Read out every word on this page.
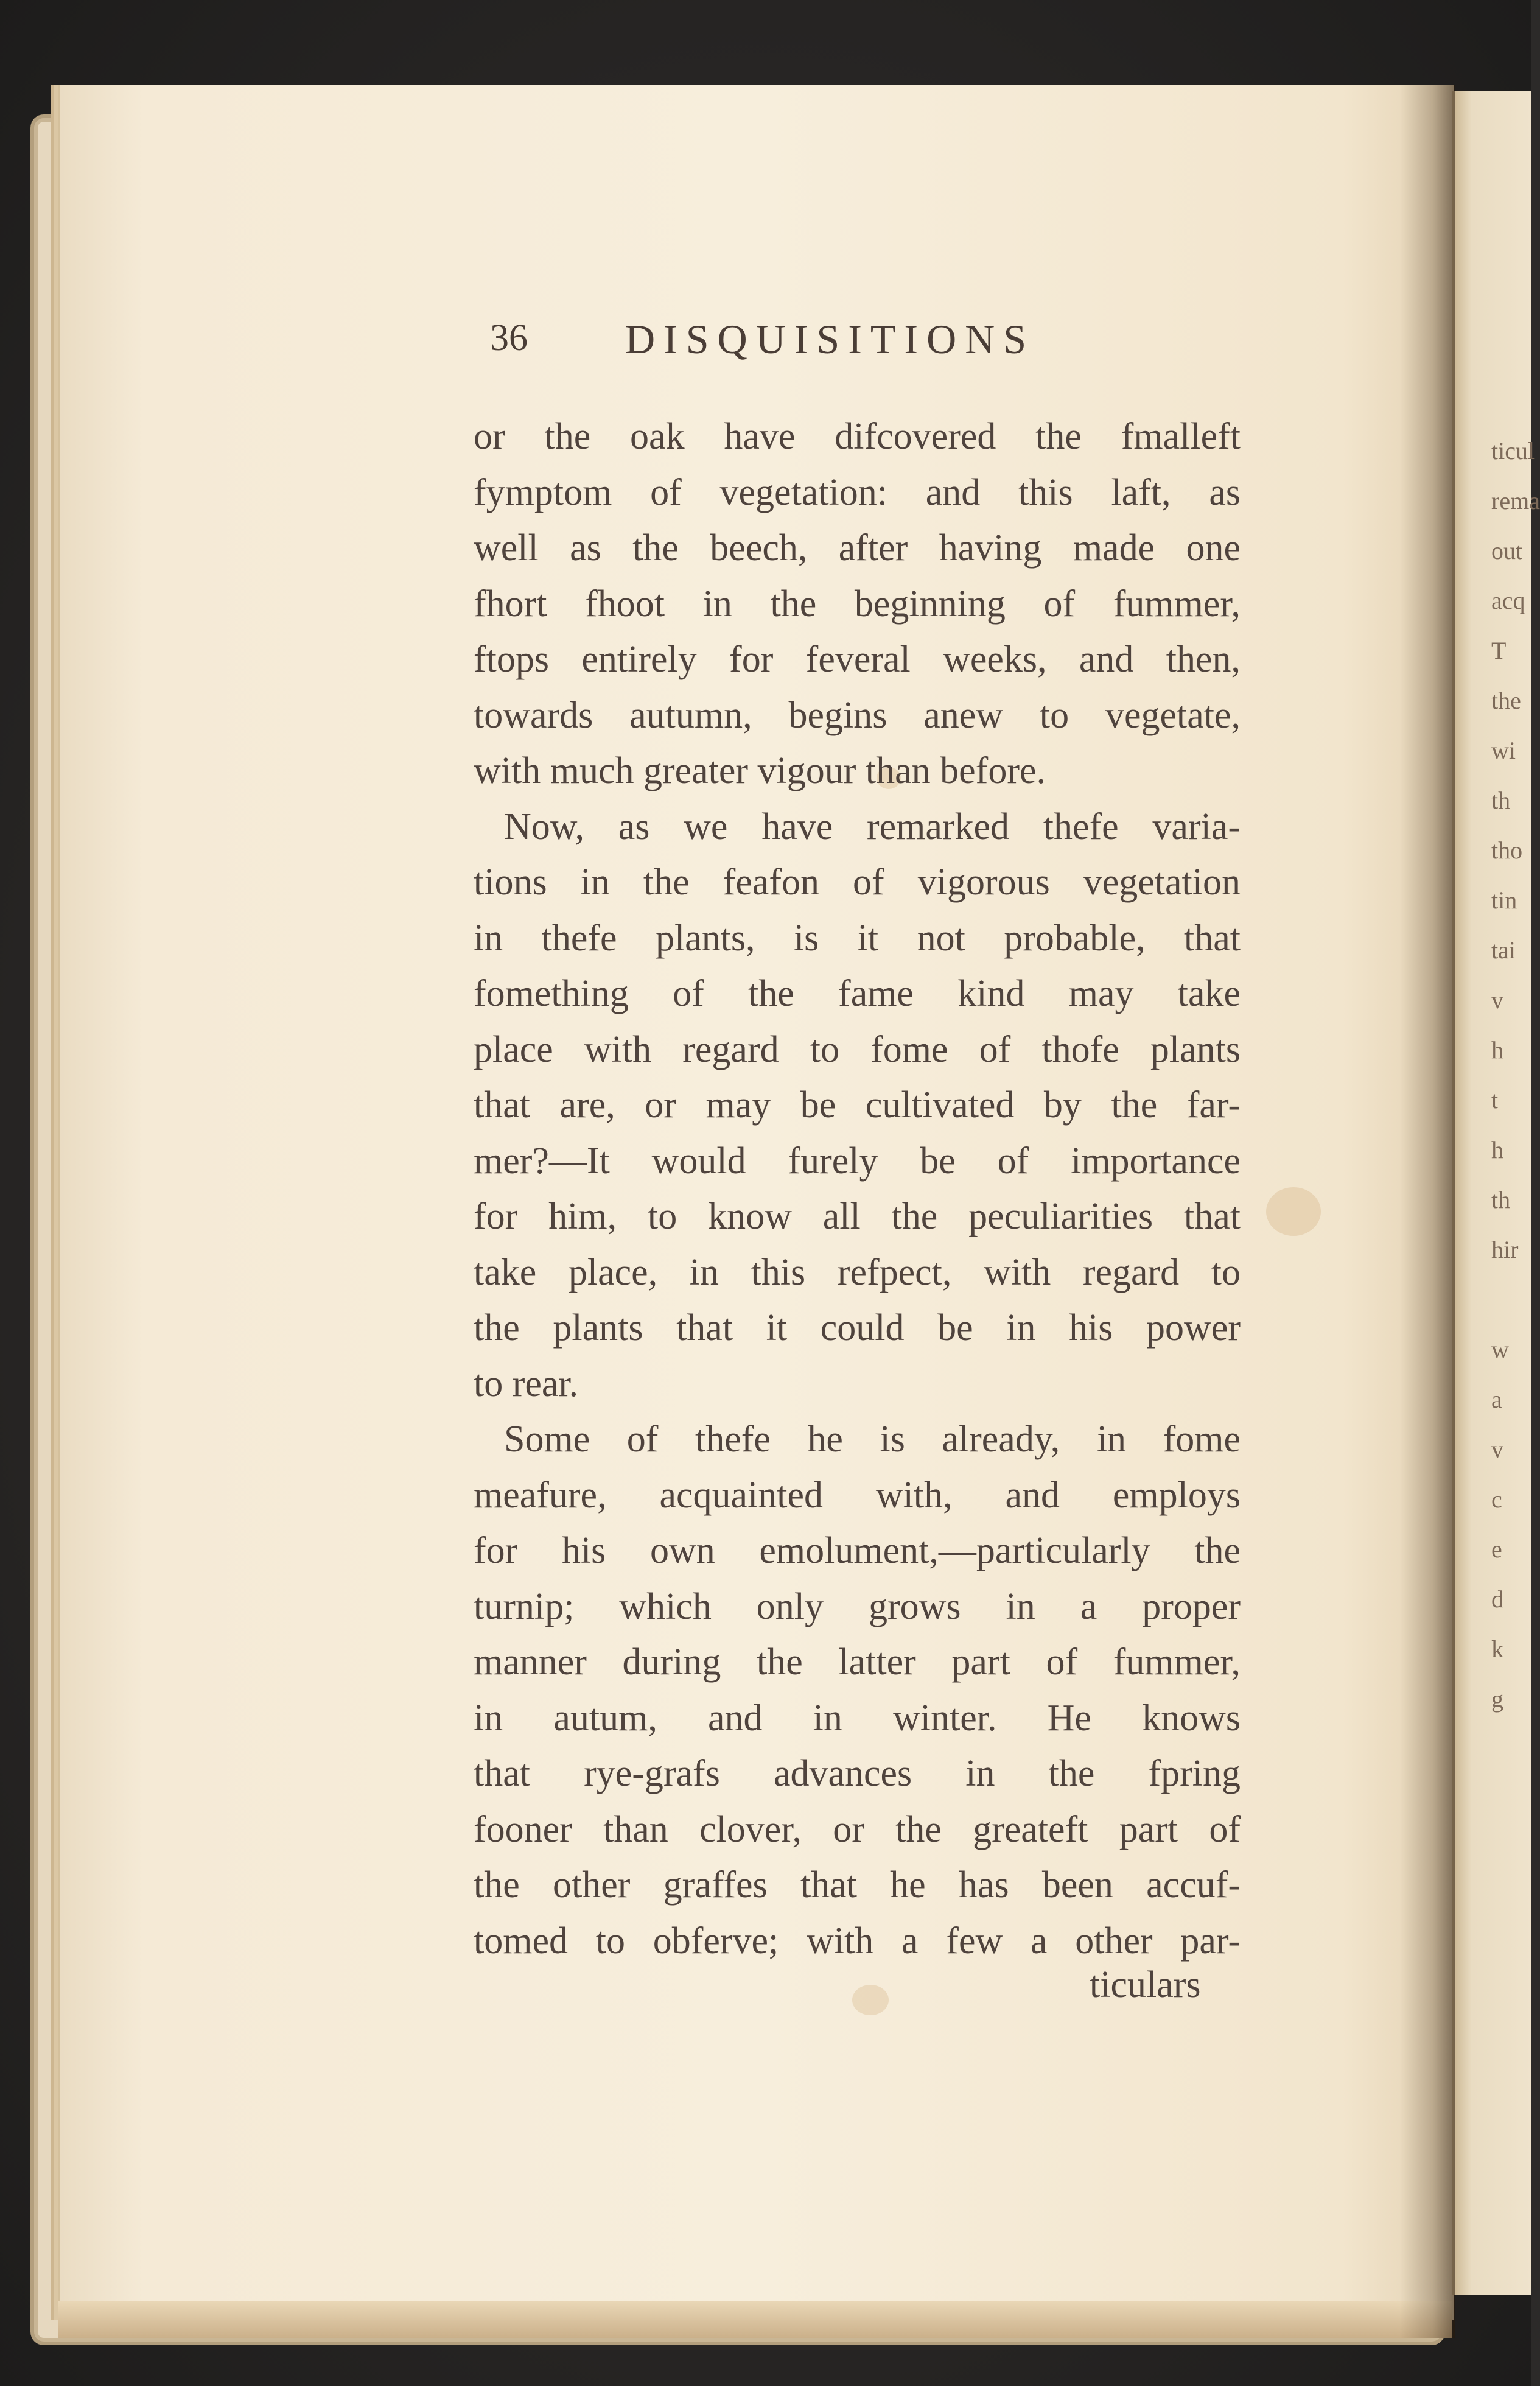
ticul
rema
out
acq
T
the
wi
th
tho
tin
tai
v
h
t
h
th
hir
w
a
v
c
e
d
k
g
36 DISQUISITIONS
or the oak have difcovered the fmalleft
fymptom of vegetation: and this laft, as
well as the beech, after having made one
fhort fhoot in the beginning of fummer,
ftops entirely for feveral weeks, and then,
towards autumn, begins anew to vegetate,
with much greater vigour than before.
Now, as we have remarked thefe varia-
tions in the feafon of vigorous vegetation
in thefe plants, is it not probable, that
fomething of the fame kind may take
place with regard to fome of thofe plants
that are, or may be cultivated by the far-
mer?—It would furely be of importance
for him, to know all the peculiarities that
take place, in this refpect, with regard to
the plants that it could be in his power
to rear.
Some of thefe he is already, in fome
meafure, acquainted with, and employs
for his own emolument,—particularly the
turnip; which only grows in a proper
manner during the latter part of fummer,
in autum, and in winter. He knows
that rye-grafs advances in the fpring
fooner than clover, or the greateft part of
the other graffes that he has been accuf-
tomed to obferve; with a few a other par-
ticulars
